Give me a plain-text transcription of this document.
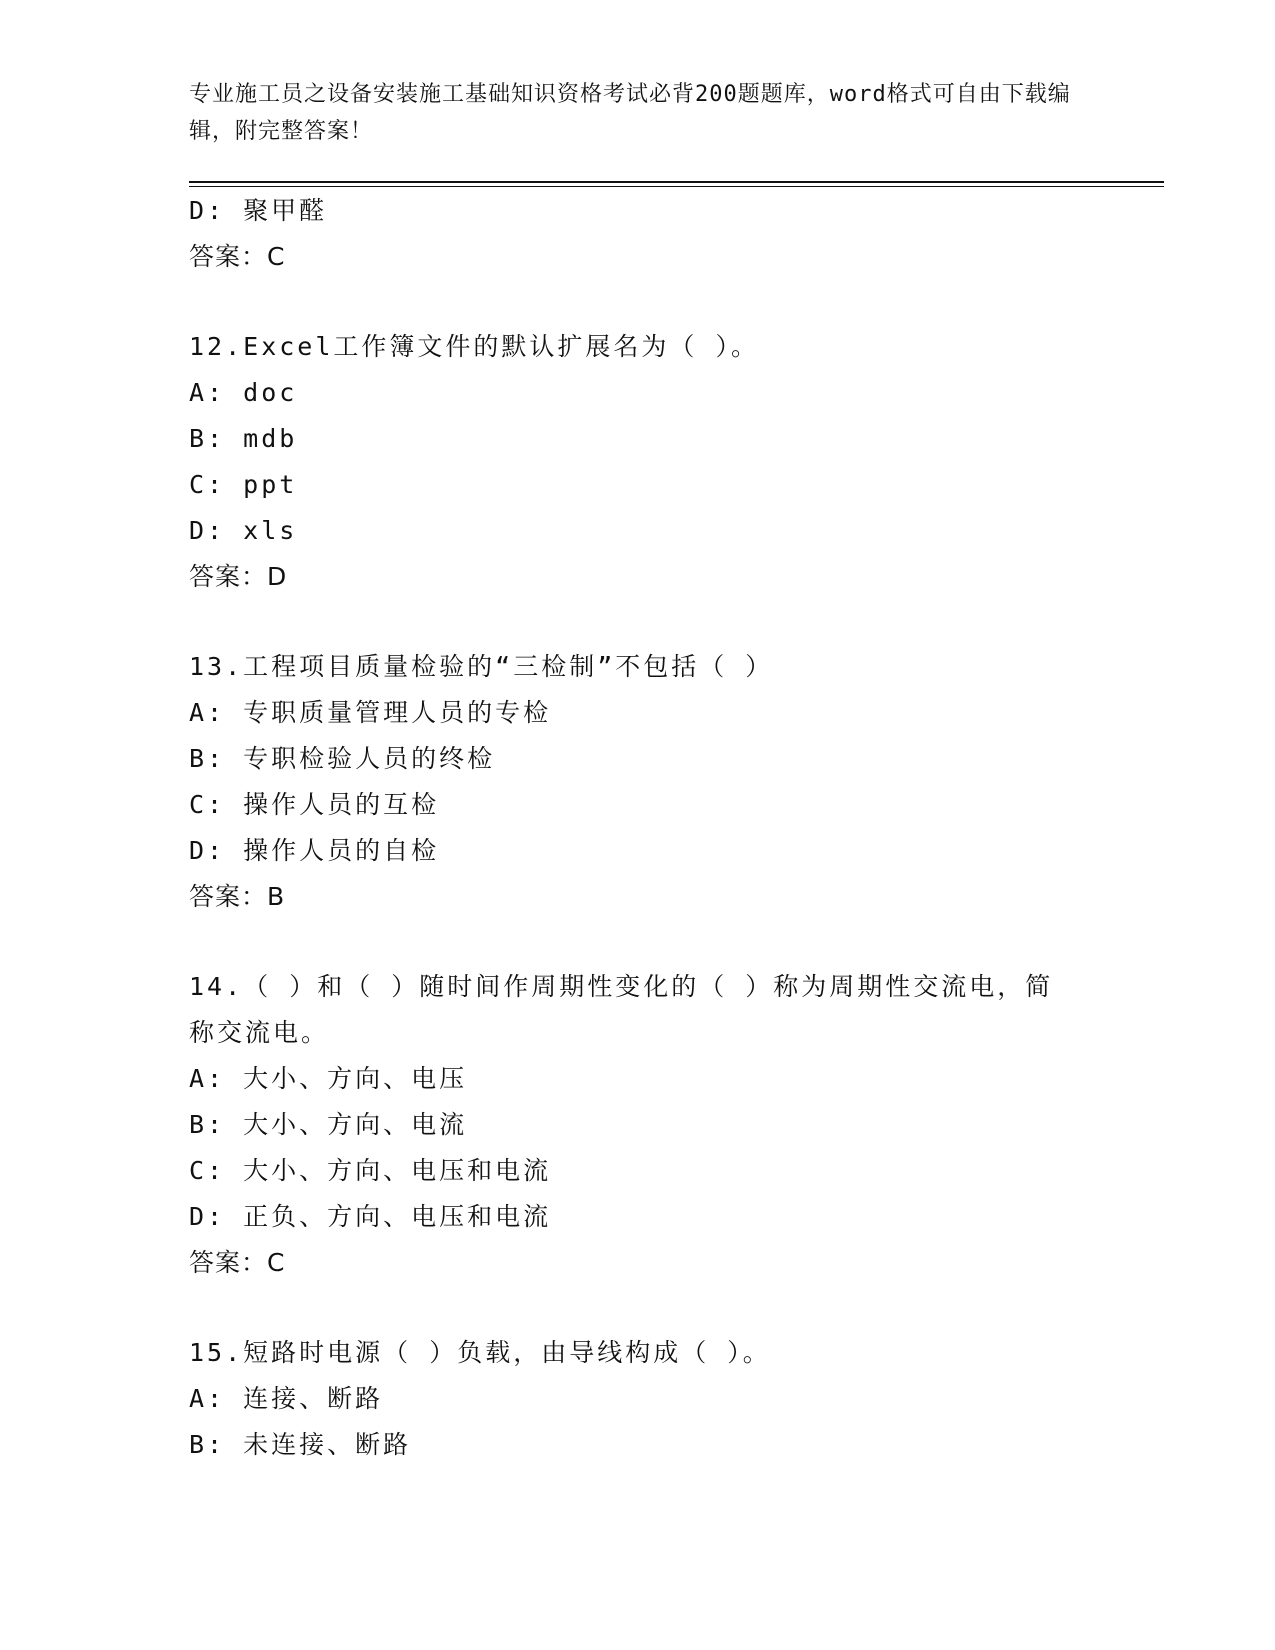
专业施工员之设备安装施工基础知识资格考试必背200题题库，word格式可自由下载编辑，附完整答案！
D: 聚甲醛
答案：C
12.Excel工作簿文件的默认扩展名为（ ）。
A: doc
B: mdb
C: ppt
D: xls
答案：D
13.工程项目质量检验的“三检制”不包括（ ）
A: 专职质量管理人员的专检
B: 专职检验人员的终检
C: 操作人员的互检
D: 操作人员的自检
答案：B
14.（ ）和（ ）随时间作周期性变化的（ ）称为周期性交流电，简称交流电。
A: 大小、方向、电压
B: 大小、方向、电流
C: 大小、方向、电压和电流
D: 正负、方向、电压和电流
答案：C
15.短路时电源（ ）负载，由导线构成（ ）。
A: 连接、断路
B: 未连接、断路
